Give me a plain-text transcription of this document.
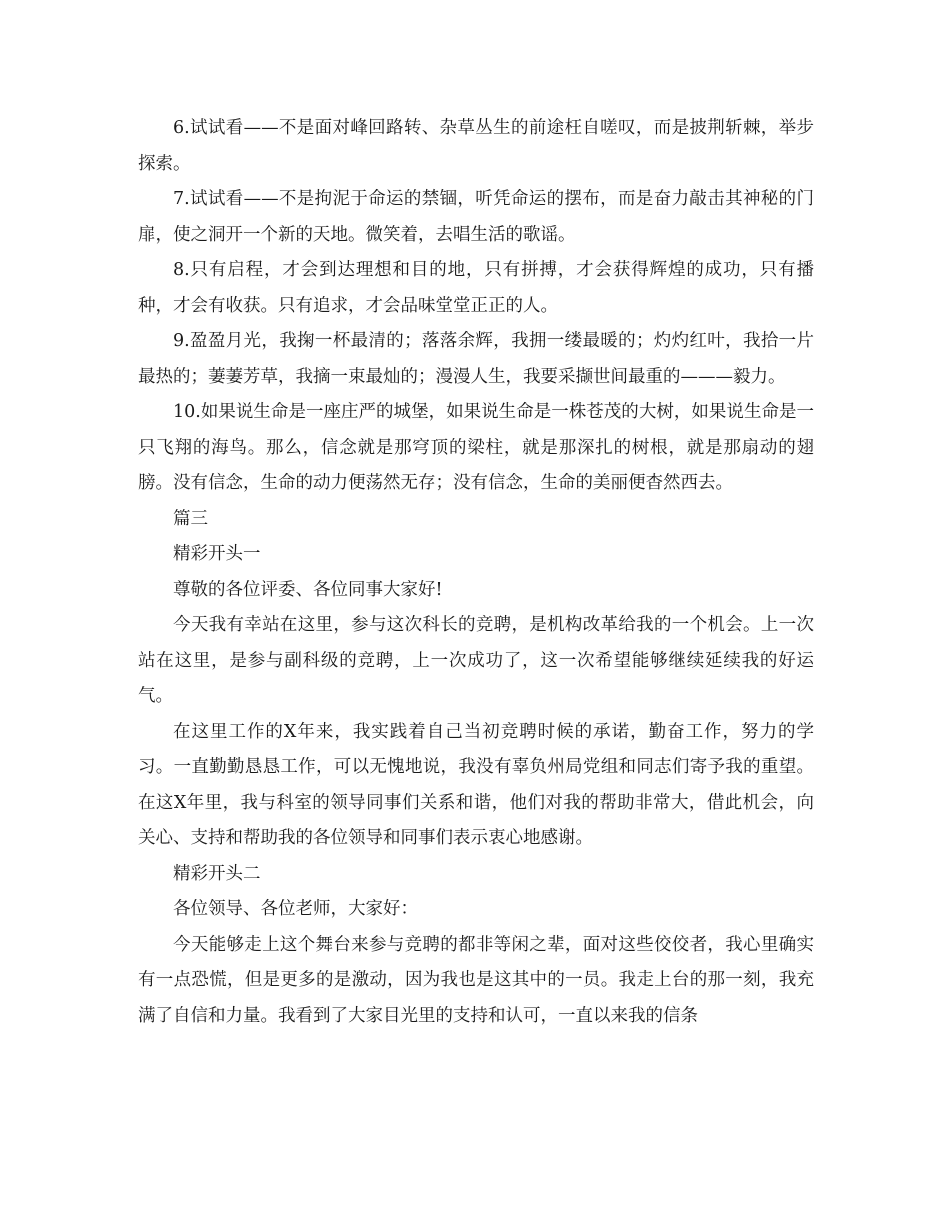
6.试试看——不是面对峰回路转、杂草丛生的前途枉自嗟叹，而是披荆斩棘，举步探索。

7.试试看——不是拘泥于命运的禁锢，听凭命运的摆布，而是奋力敲击其神秘的门扉，使之洞开一个新的天地。微笑着，去唱生活的歌谣。

8.只有启程，才会到达理想和目的地，只有拼搏，才会获得辉煌的成功，只有播种，才会有收获。只有追求，才会品味堂堂正正的人。

9.盈盈月光，我掬一杯最清的；落落余辉，我拥一缕最暖的；灼灼红叶，我拾一片最热的；萋萋芳草，我摘一束最灿的；漫漫人生，我要采撷世间最重的———毅力。

10.如果说生命是一座庄严的城堡，如果说生命是一株苍茂的大树，如果说生命是一只飞翔的海鸟。那么，信念就是那穹顶的梁柱，就是那深扎的树根，就是那扇动的翅膀。没有信念，生命的动力便荡然无存；没有信念，生命的美丽便杳然西去。

篇三

精彩开头一

尊敬的各位评委、各位同事大家好!

今天我有幸站在这里，参与这次科长的竞聘，是机构改革给我的一个机会。上一次站在这里，是参与副科级的竞聘，上一次成功了，这一次希望能够继续延续我的好运气。

在这里工作的X年来，我实践着自己当初竞聘时候的承诺，勤奋工作，努力的学习。一直勤勤恳恳工作，可以无愧地说，我没有辜负州局党组和同志们寄予我的重望。在这X年里，我与科室的领导同事们关系和谐，他们对我的帮助非常大，借此机会，向关心、支持和帮助我的各位领导和同事们表示衷心地感谢。

精彩开头二

各位领导、各位老师，大家好：

今天能够走上这个舞台来参与竞聘的都非等闲之辈，面对这些佼佼者，我心里确实有一点恐慌，但是更多的是激动，因为我也是这其中的一员。我走上台的那一刻，我充满了自信和力量。我看到了大家目光里的支持和认可，一直以来我的信条
